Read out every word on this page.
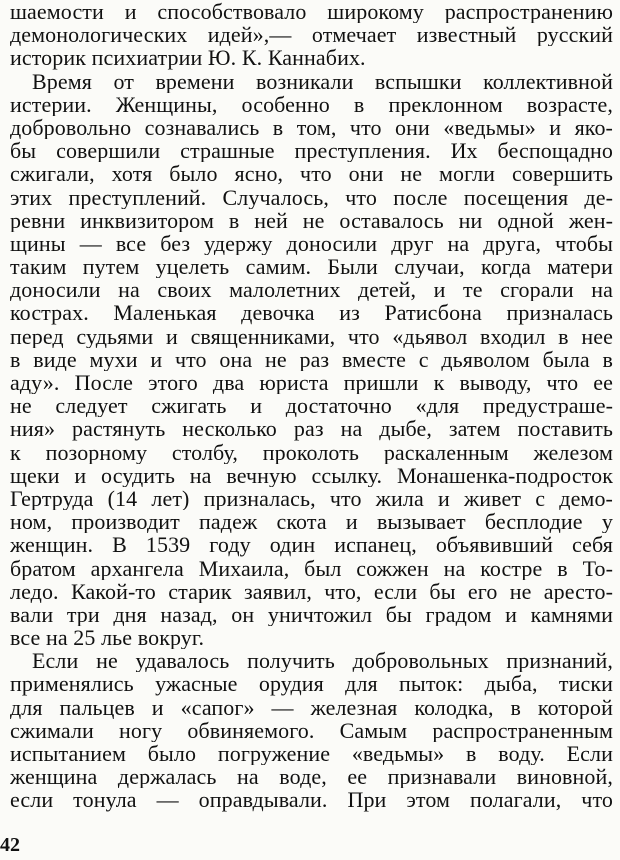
шаемости и способствовало широкому распространению
демонологических идей»,— отмечает известный русский
историк психиатрии Ю. К. Каннабих.
Время от времени возникали вспышки коллективной
истерии. Женщины, особенно в преклонном возрасте,
добровольно сознавались в том, что они «ведьмы» и яко-
бы совершили страшные преступления. Их беспощадно
сжигали, хотя было ясно, что они не могли совершить
этих преступлений. Случалось, что после посещения де-
ревни инквизитором в ней не оставалось ни одной жен-
щины — все без удержу доносили друг на друга, чтобы
таким путем уцелеть самим. Были случаи, когда матери
доносили на своих малолетних детей, и те сгорали на
кострах. Маленькая девочка из Ратисбона призналась
перед судьями и священниками, что «дьявол входил в нее
в виде мухи и что она не раз вместе с дьяволом была в
аду». После этого два юриста пришли к выводу, что ее
не следует сжигать и достаточно «для предустраше-
ния» растянуть несколько раз на дыбе, затем поставить
к позорному столбу, проколоть раскаленным железом
щеки и осудить на вечную ссылку. Монашенка-подросток
Гертруда (14 лет) призналась, что жила и живет с демо-
ном, производит падеж скота и вызывает бесплодие у
женщин. В 1539 году один испанец, объявивший себя
братом архангела Михаила, был сожжен на костре в То-
ледо. Какой-то старик заявил, что, если бы его не аресто-
вали три дня назад, он уничтожил бы градом и камнями
все на 25 лье вокруг.
Если не удавалось получить добровольных признаний,
применялись ужасные орудия для пыток: дыба, тиски
для пальцев и «сапог» — железная колодка, в которой
сжимали ногу обвиняемого. Самым распространенным
испытанием было погружение «ведьмы» в воду. Если
женщина держалась на воде, ее признавали виновной,
если тонула — оправдывали. При этом полагали, что
42
